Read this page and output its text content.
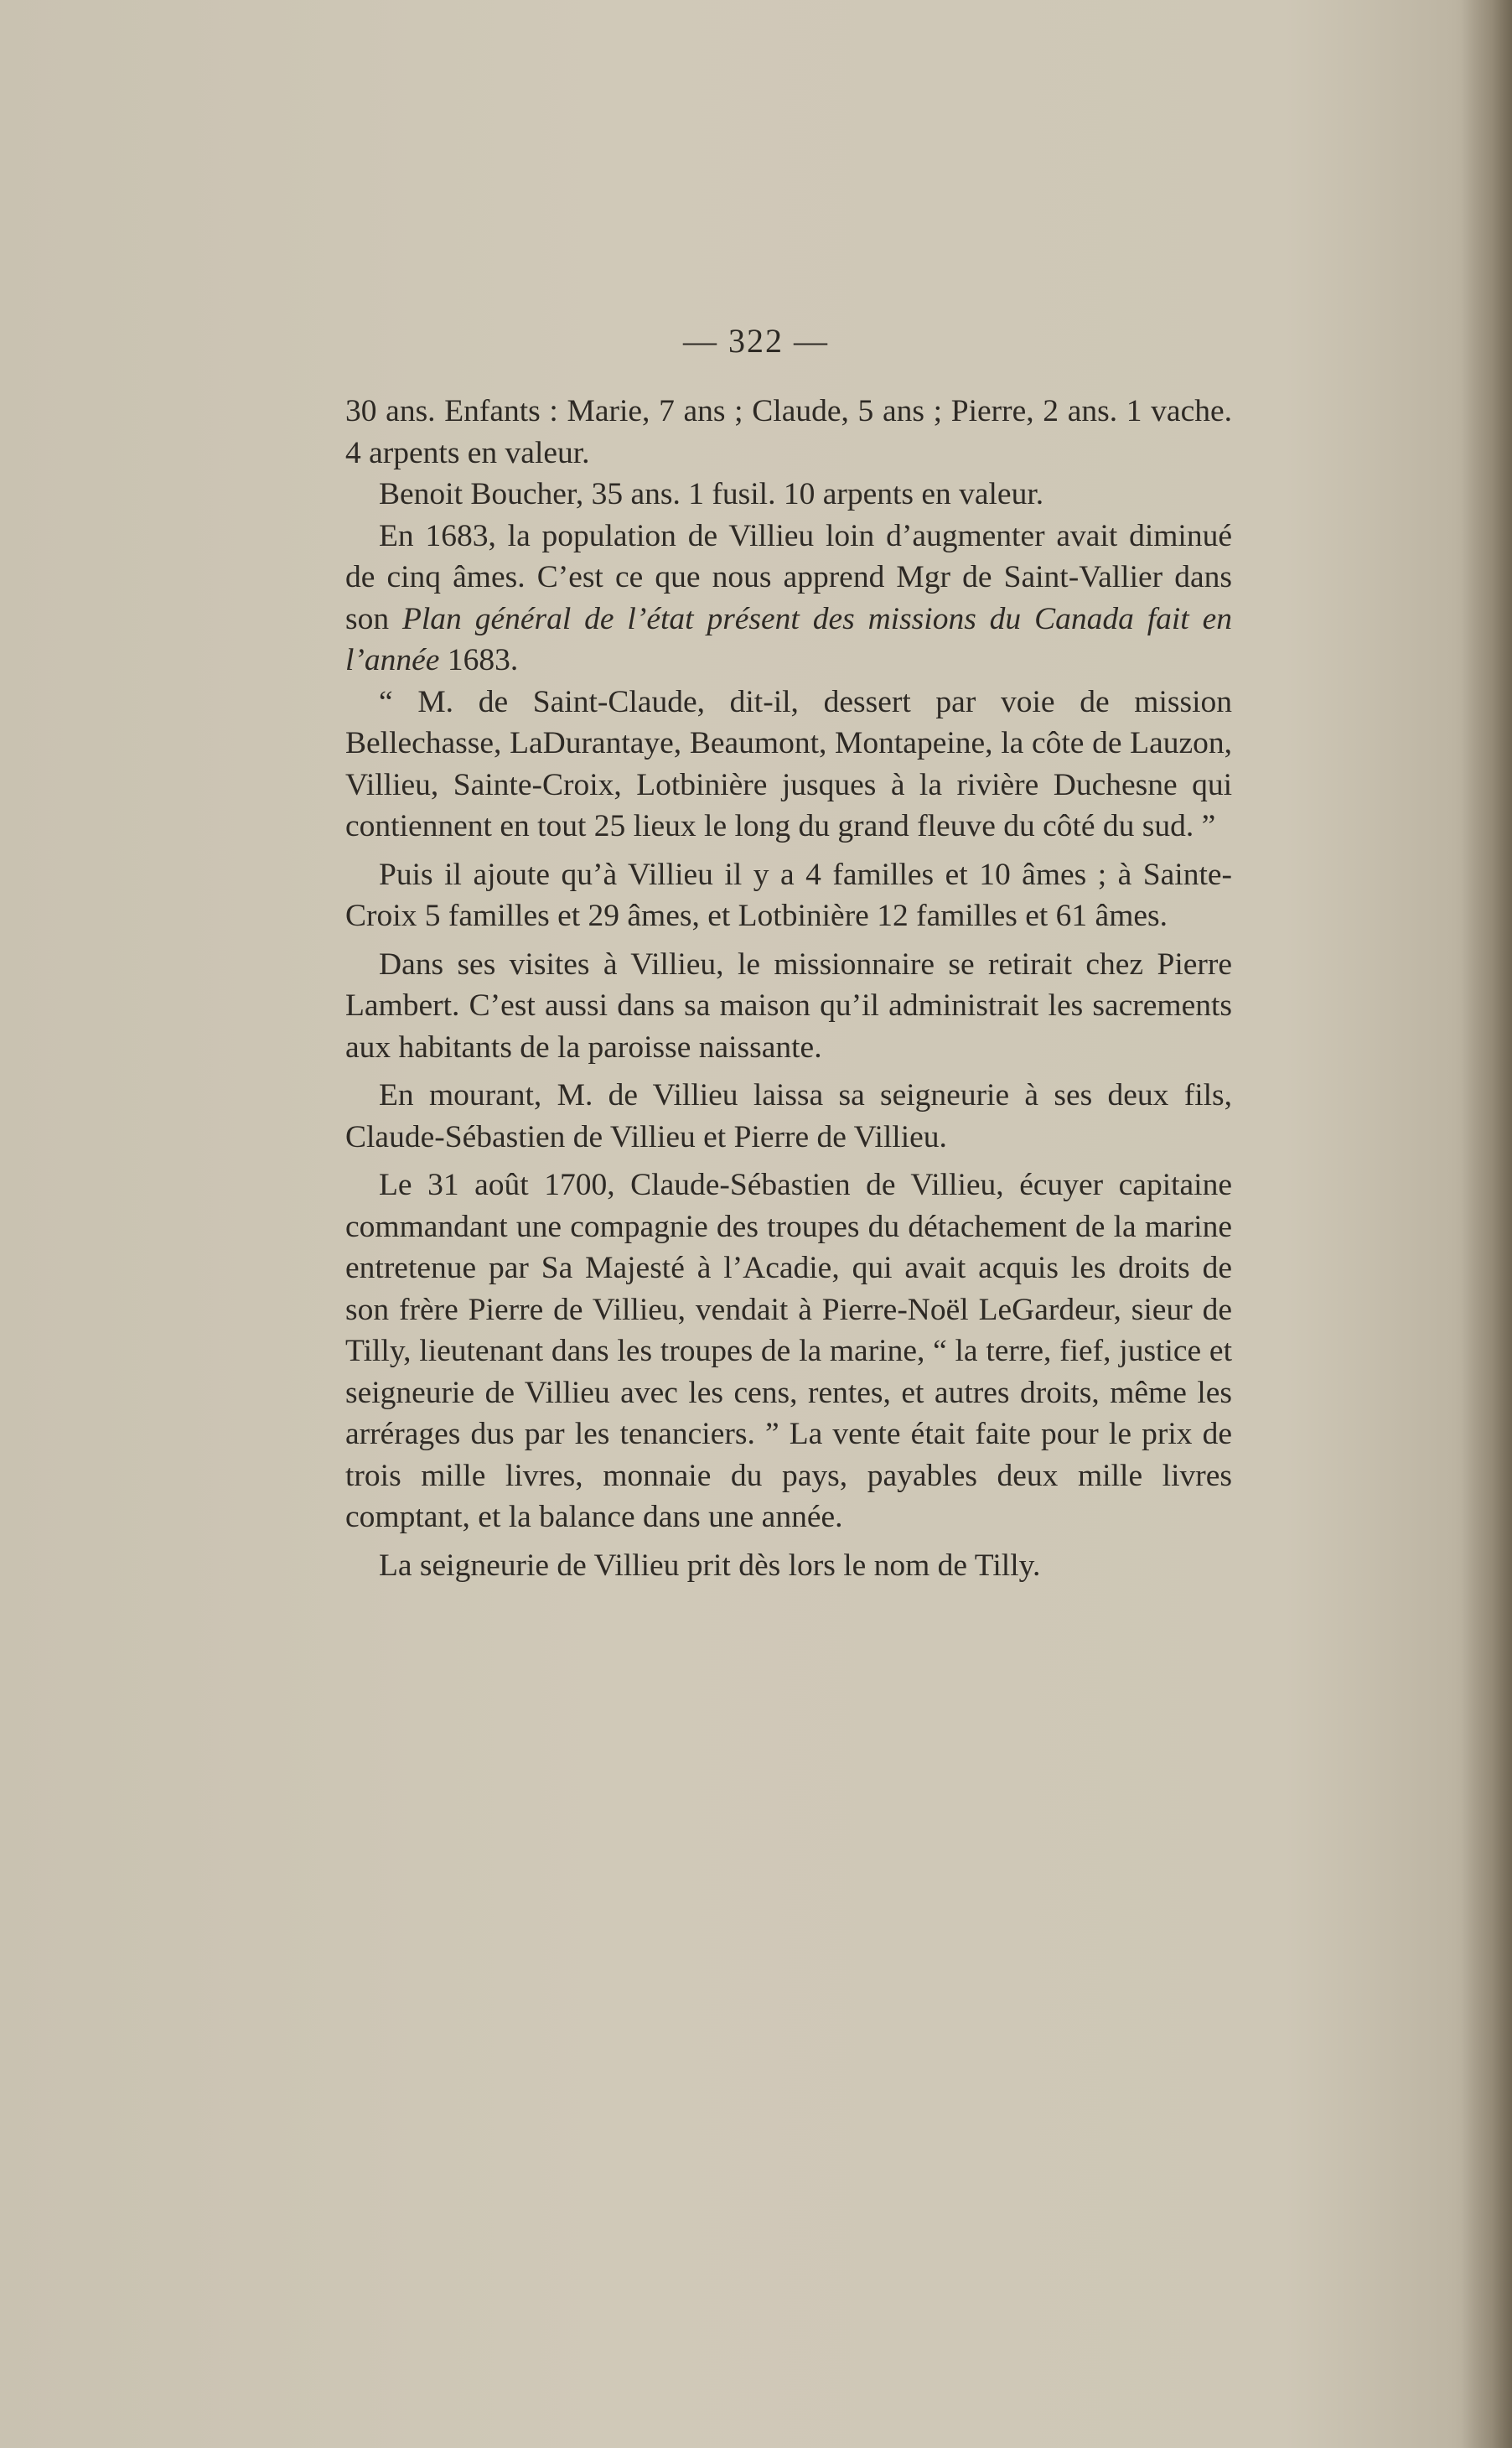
— 322 —

30 ans. Enfants : Marie, 7 ans ; Claude, 5 ans ; Pierre, 2 ans. 1 vache. 4 arpents en valeur.

Benoit Boucher, 35 ans. 1 fusil. 10 arpents en valeur.

En 1683, la population de Villieu loin d’augmenter avait diminué de cinq âmes. C’est ce que nous apprend Mgr de Saint-Vallier dans son Plan général de l’état présent des missions du Canada fait en l’année 1683.

“ M. de Saint-Claude, dit-il, dessert par voie de mission Bellechasse, LaDurantaye, Beaumont, Montapeine, la côte de Lauzon, Villieu, Sainte-Croix, Lotbinière jusques à la rivière Duchesne qui contiennent en tout 25 lieux le long du grand fleuve du côté du sud. ”

Puis il ajoute qu’à Villieu il y a 4 familles et 10 âmes ; à Sainte-Croix 5 familles et 29 âmes, et Lotbinière 12 familles et 61 âmes.

Dans ses visites à Villieu, le missionnaire se retirait chez Pierre Lambert. C’est aussi dans sa maison qu’il administrait les sacrements aux habitants de la paroisse naissante.

En mourant, M. de Villieu laissa sa seigneurie à ses deux fils, Claude-Sébastien de Villieu et Pierre de Villieu.

Le 31 août 1700, Claude-Sébastien de Villieu, écuyer capitaine commandant une compagnie des troupes du détachement de la marine entretenue par Sa Majesté à l’Acadie, qui avait acquis les droits de son frère Pierre de Villieu, vendait à Pierre-Noël LeGardeur, sieur de Tilly, lieutenant dans les troupes de la marine, “ la terre, fief, justice et seigneurie de Villieu avec les cens, rentes, et autres droits, même les arrérages dus par les tenanciers. ” La vente était faite pour le prix de trois mille livres, monnaie du pays, payables deux mille livres comptant, et la balance dans une année.

La seigneurie de Villieu prit dès lors le nom de Tilly.
